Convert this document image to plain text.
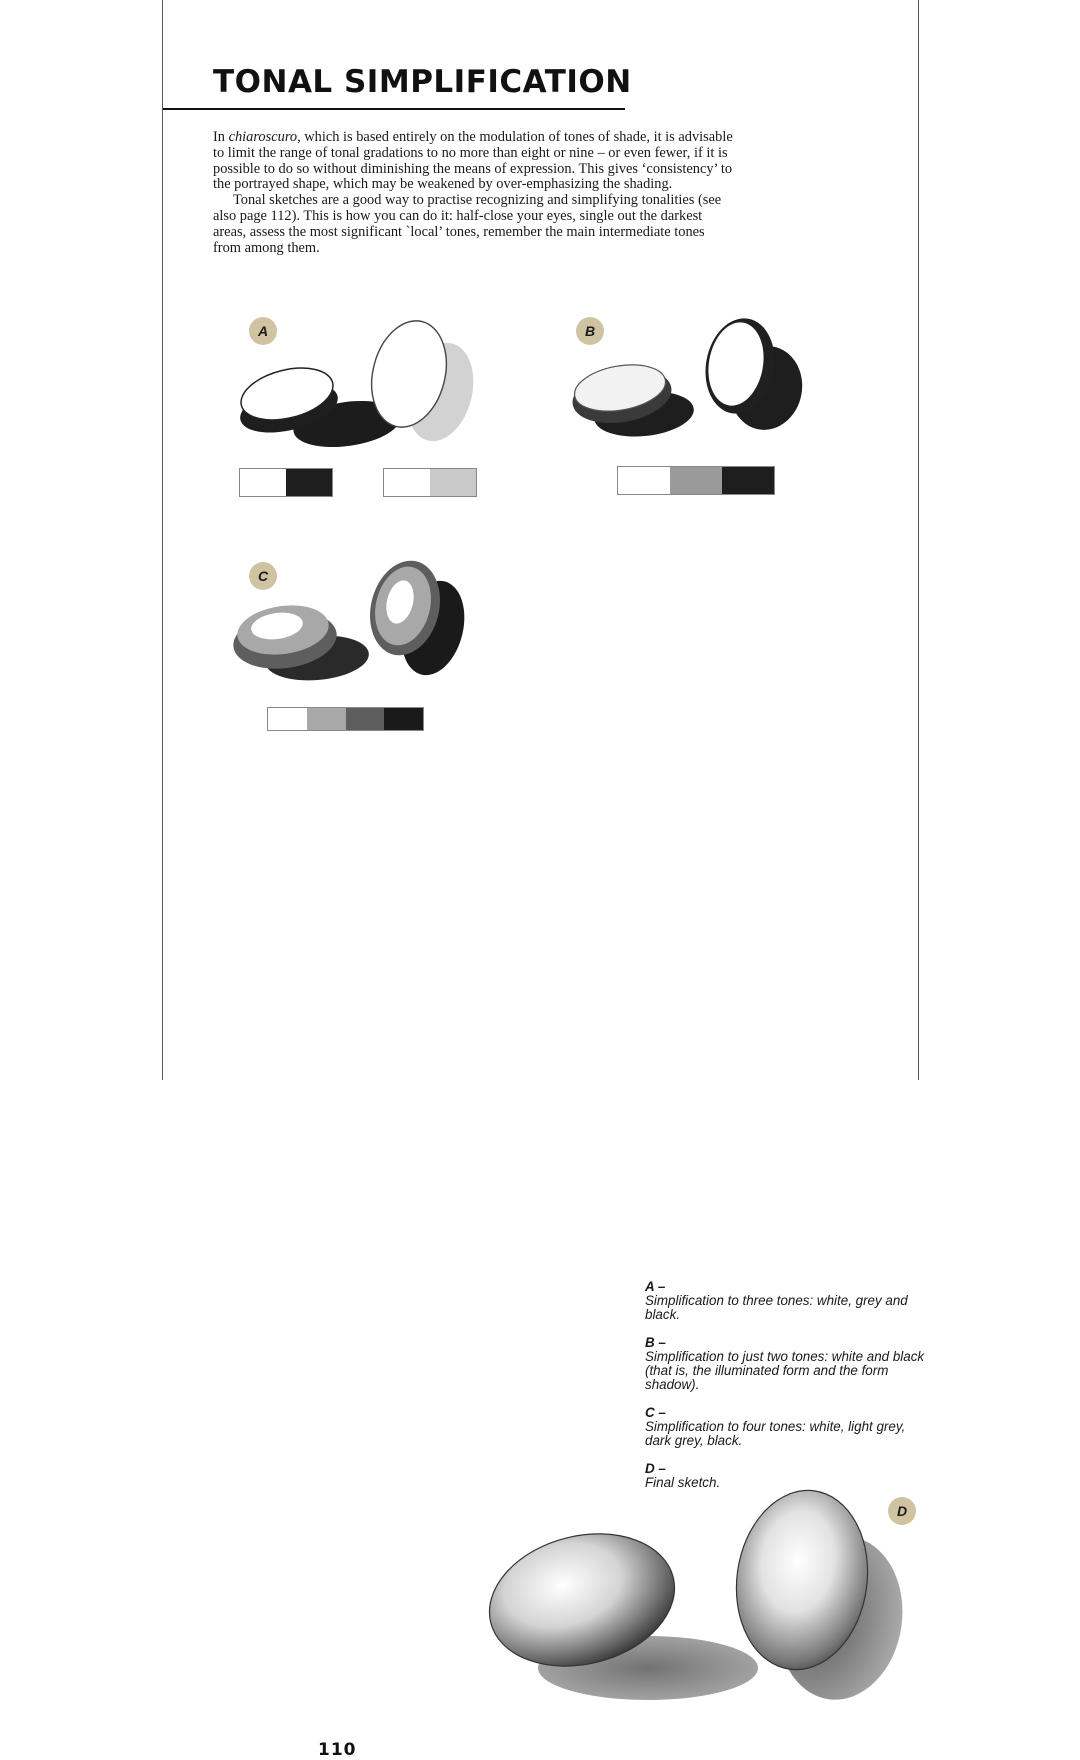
TONAL SIMPLIFICATION

In chiaroscuro, which is based entirely on the modulation of tones of shade, it is advisable to limit the range of tonal gradations to no more than eight or nine – or even fewer, if it is possible to do so without diminishing the means of expression. This gives ‘consistency’ to the portrayed shape, which may be weakened by over-emphasizing the shading.

Tonal sketches are a good way to practise recognizing and simplifying tonalities (see also page 112). This is how you can do it: half-close your eyes, single out the darkest areas, assess the most significant `local’ tones, remember the main intermediate tones from among them.

A	B
C

A –
Simplification to three tones: white, grey and black.

B –
Simplification to just two tones: white and black (that is, the illuminated form and the form shadow).

C –
Simplification to four tones: white, light grey, dark grey, black.

D –
Final sketch.

D
110
